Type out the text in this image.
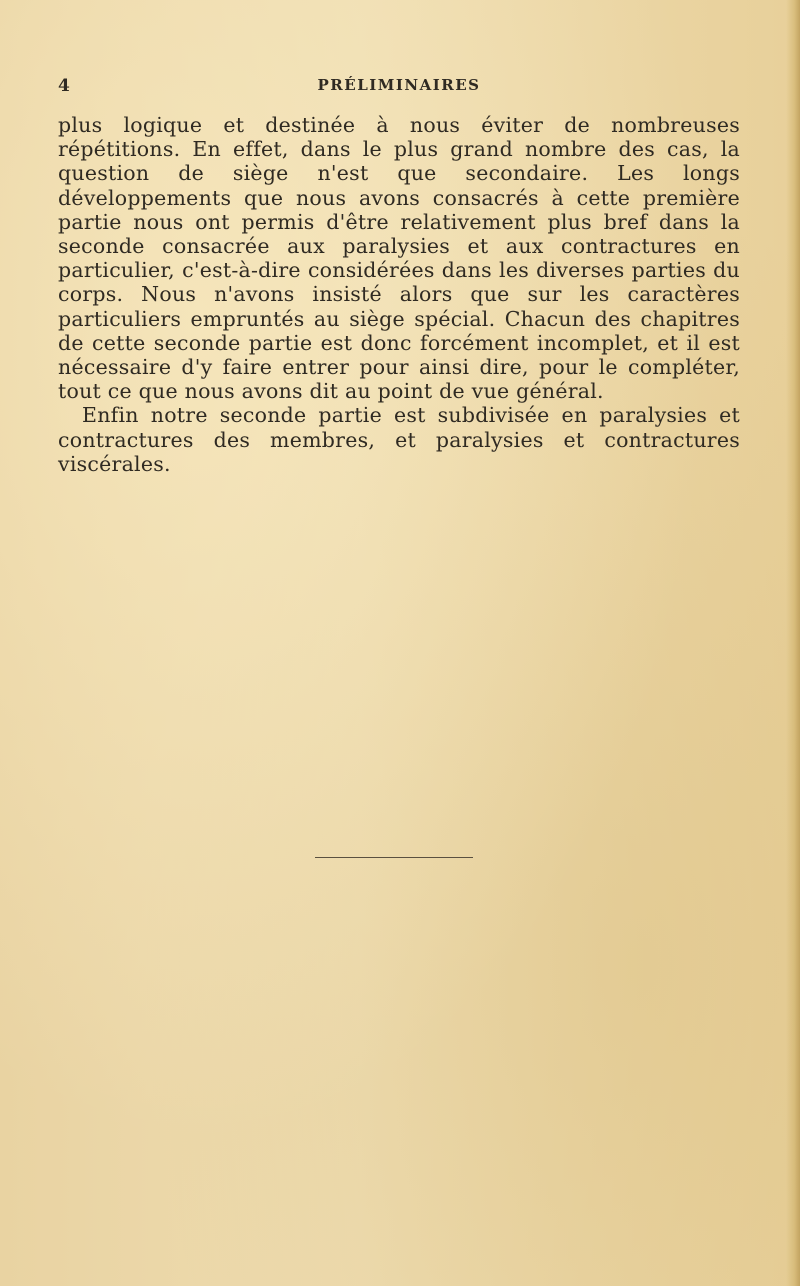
4	PRÉLIMINAIRES

plus logique et destinée à nous éviter de nombreuses répétitions. En effet, dans le plus grand nombre des cas, la question de siège n'est que secondaire. Les longs développements que nous avons consacrés à cette première partie nous ont permis d'être relativement plus bref dans la seconde consacrée aux paralysies et aux contractures en particulier, c'est-à-dire considérées dans les diverses parties du corps. Nous n'avons insisté alors que sur les caractères particuliers empruntés au siège spécial. Chacun des chapitres de cette seconde partie est donc forcément incomplet, et il est nécessaire d'y faire entrer pour ainsi dire, pour le compléter, tout ce que nous avons dit au point de vue général.

Enfin notre seconde partie est subdivisée en paralysies et contractures des membres, et paralysies et contractures viscérales.
